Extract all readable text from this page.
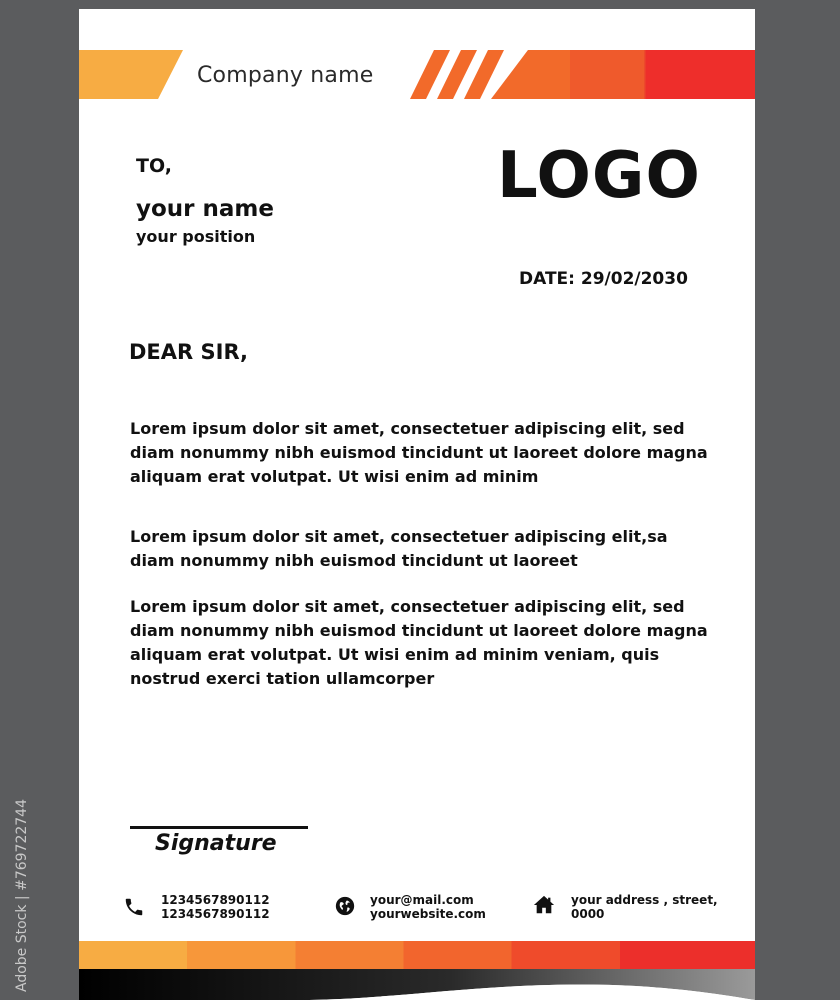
Company name
TO,
your name
your position
LOGO
DATE: 29/02/2030
DEAR SIR,
Lorem ipsum dolor sit amet, consectetuer adipiscing elit, sed diam nonummy nibh euismod tincidunt ut laoreet dolore magna aliquam erat volutpat. Ut wisi enim ad minim
Lorem ipsum dolor sit amet, consectetuer adipiscing elit,sa diam nonummy nibh euismod tincidunt ut laoreet
Lorem ipsum dolor sit amet, consectetuer adipiscing elit, sed diam nonummy nibh euismod tincidunt ut laoreet dolore magna aliquam erat volutpat. Ut wisi enim ad minim veniam, quis nostrud exerci tation ullamcorper
Signature
1234567890112
1234567890112
your@mail.com
yourwebsite.com
your address , street,
0000
Adobe Stock | #769722744
